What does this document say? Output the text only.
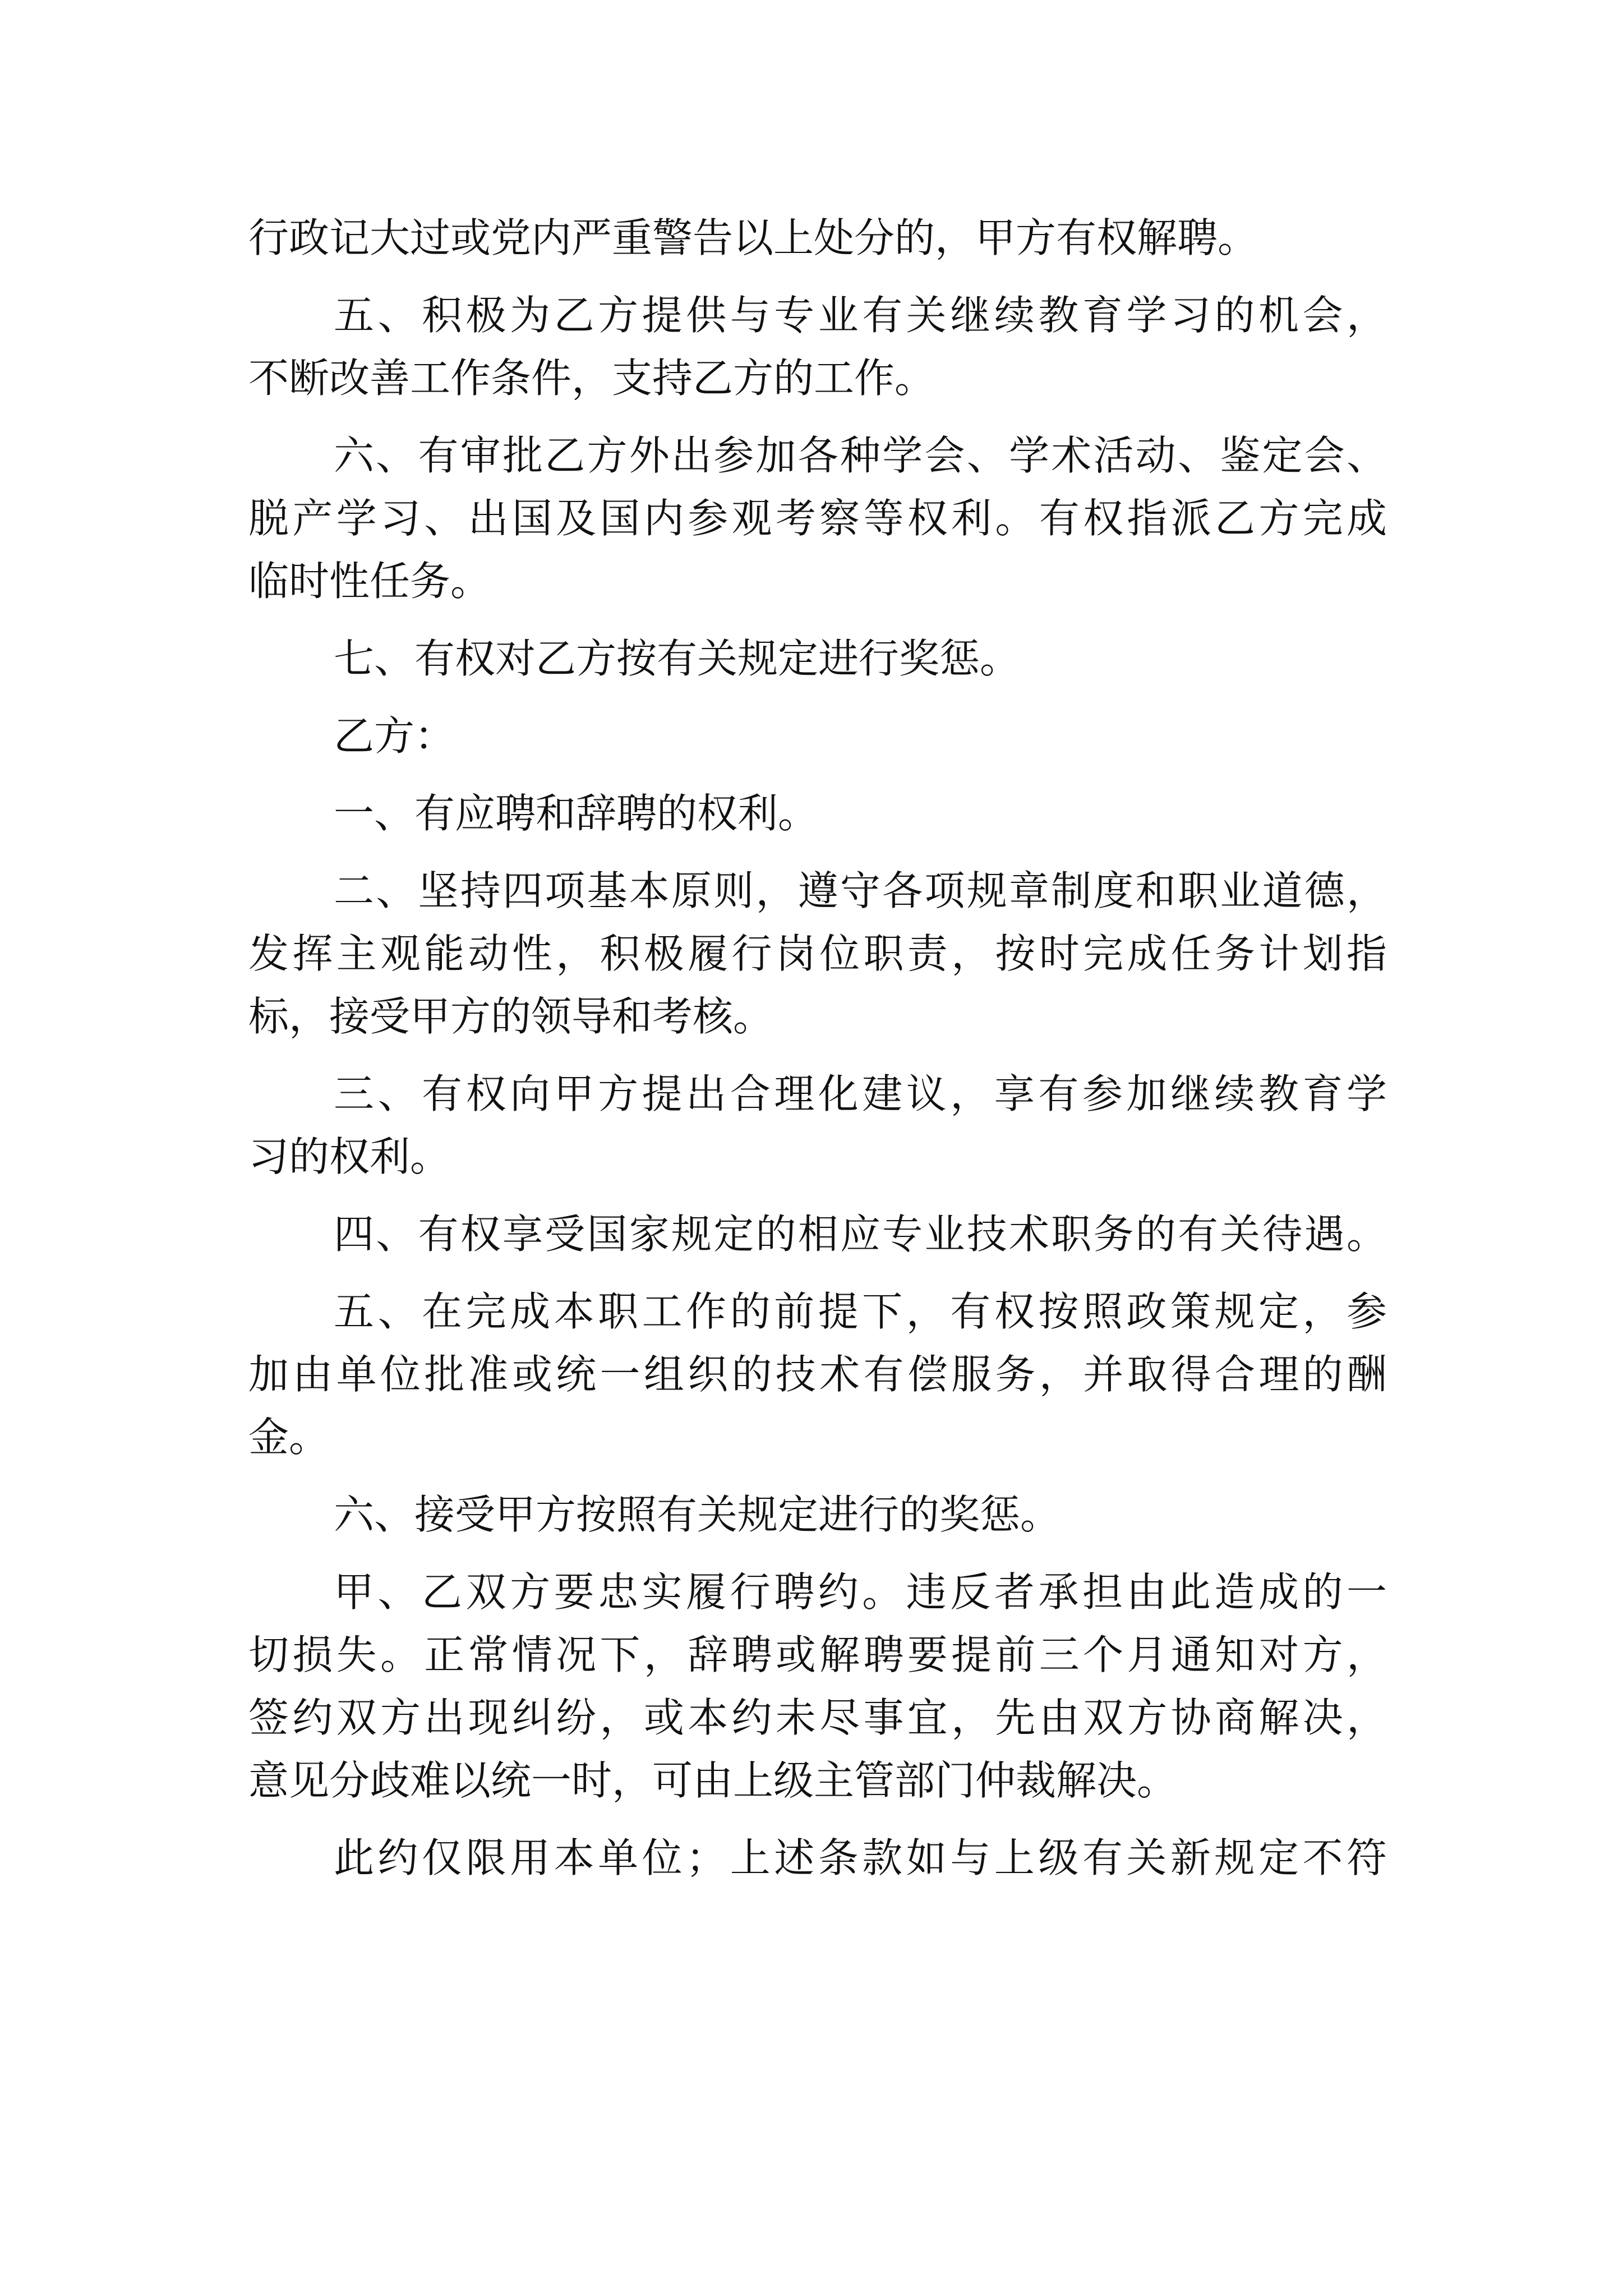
行政记大过或党内严重警告以上处分的，甲方有权解聘。
五、积极为乙方提供与专业有关继续教育学习的机会，
不断改善工作条件，支持乙方的工作。
六、有审批乙方外出参加各种学会、学术活动、鉴定会、
脱产学习、出国及国内参观考察等权利。有权指派乙方完成
临时性任务。
七、有权对乙方按有关规定进行奖惩。
乙方：
一、有应聘和辞聘的权利。
二、坚持四项基本原则，遵守各项规章制度和职业道德，
发挥主观能动性，积极履行岗位职责，按时完成任务计划指
标，接受甲方的领导和考核。
三、有权向甲方提出合理化建议，享有参加继续教育学
习的权利。
四、有权享受国家规定的相应专业技术职务的有关待遇。
五、在完成本职工作的前提下，有权按照政策规定，参
加由单位批准或统一组织的技术有偿服务，并取得合理的酬
金。
六、接受甲方按照有关规定进行的奖惩。
甲、乙双方要忠实履行聘约。违反者承担由此造成的一
切损失。正常情况下，辞聘或解聘要提前三个月通知对方，
签约双方出现纠纷，或本约未尽事宜，先由双方协商解决，
意见分歧难以统一时，可由上级主管部门仲裁解决。
此约仅限用本单位；上述条款如与上级有关新规定不符
